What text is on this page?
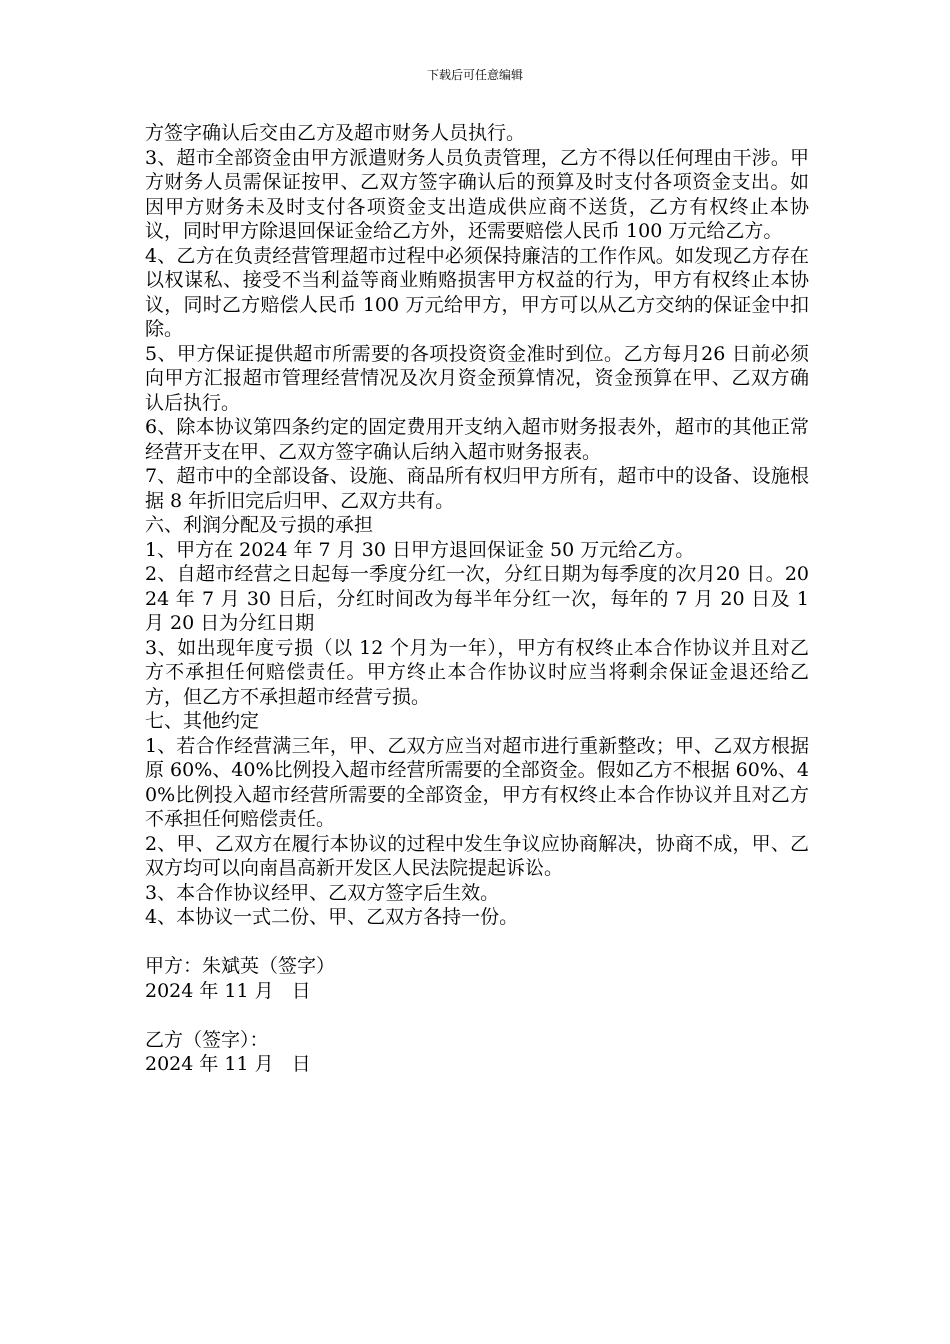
下载后可任意编辑

方签字确认后交由乙方及超市财务人员执行。

3、超市全部资金由甲方派遣财务人员负责管理，乙方不得以任何理由干涉。甲方财务人员需保证按甲、乙双方签字确认后的预算及时支付各项资金支出。如因甲方财务未及时支付各项资金支出造成供应商不送货，乙方有权终止本协议，同时甲方除退回保证金给乙方外，还需要赔偿人民币 100 万元给乙方。

4、乙方在负责经营管理超市过程中必须保持廉洁的工作作风。如发现乙方存在以权谋私、接受不当利益等商业贿赂损害甲方权益的行为，甲方有权终止本协议，同时乙方赔偿人民币 100 万元给甲方，甲方可以从乙方交纳的保证金中扣除。

5、甲方保证提供超市所需要的各项投资资金准时到位。乙方每月26 日前必须向甲方汇报超市管理经营情况及次月资金预算情况，资金预算在甲、乙双方确认后执行。

6、除本协议第四条约定的固定费用开支纳入超市财务报表外，超市的其他正常经营开支在甲、乙双方签字确认后纳入超市财务报表。

7、超市中的全部设备、设施、商品所有权归甲方所有，超市中的设备、设施根据 8 年折旧完后归甲、乙双方共有。

六、利润分配及亏损的承担

1、甲方在 2024 年 7 月 30 日甲方退回保证金 50 万元给乙方。

2、自超市经营之日起每一季度分红一次，分红日期为每季度的次月20 日。2024 年 7 月 30 日后，分红时间改为每半年分红一次，每年的 7 月 20 日及 1 月 20 日为分红日期

3、如出现年度亏损（以 12 个月为一年），甲方有权终止本合作协议并且对乙方不承担任何赔偿责任。甲方终止本合作协议时应当将剩余保证金退还给乙方，但乙方不承担超市经营亏损。

七、其他约定

1、若合作经营满三年，甲、乙双方应当对超市进行重新整改；甲、乙双方根据原 60%、40%比例投入超市经营所需要的全部资金。假如乙方不根据 60%、40%比例投入超市经营所需要的全部资金，甲方有权终止本合作协议并且对乙方不承担任何赔偿责任。

2、甲、乙双方在履行本协议的过程中发生争议应协商解决，协商不成，甲、乙双方均可以向南昌高新开发区人民法院提起诉讼。

3、本合作协议经甲、乙双方签字后生效。

4、本协议一式二份、甲、乙双方各持一份。

甲方：朱斌英（签字）

2024 年 11 月   日

乙方（签字）：

2024 年 11 月   日
